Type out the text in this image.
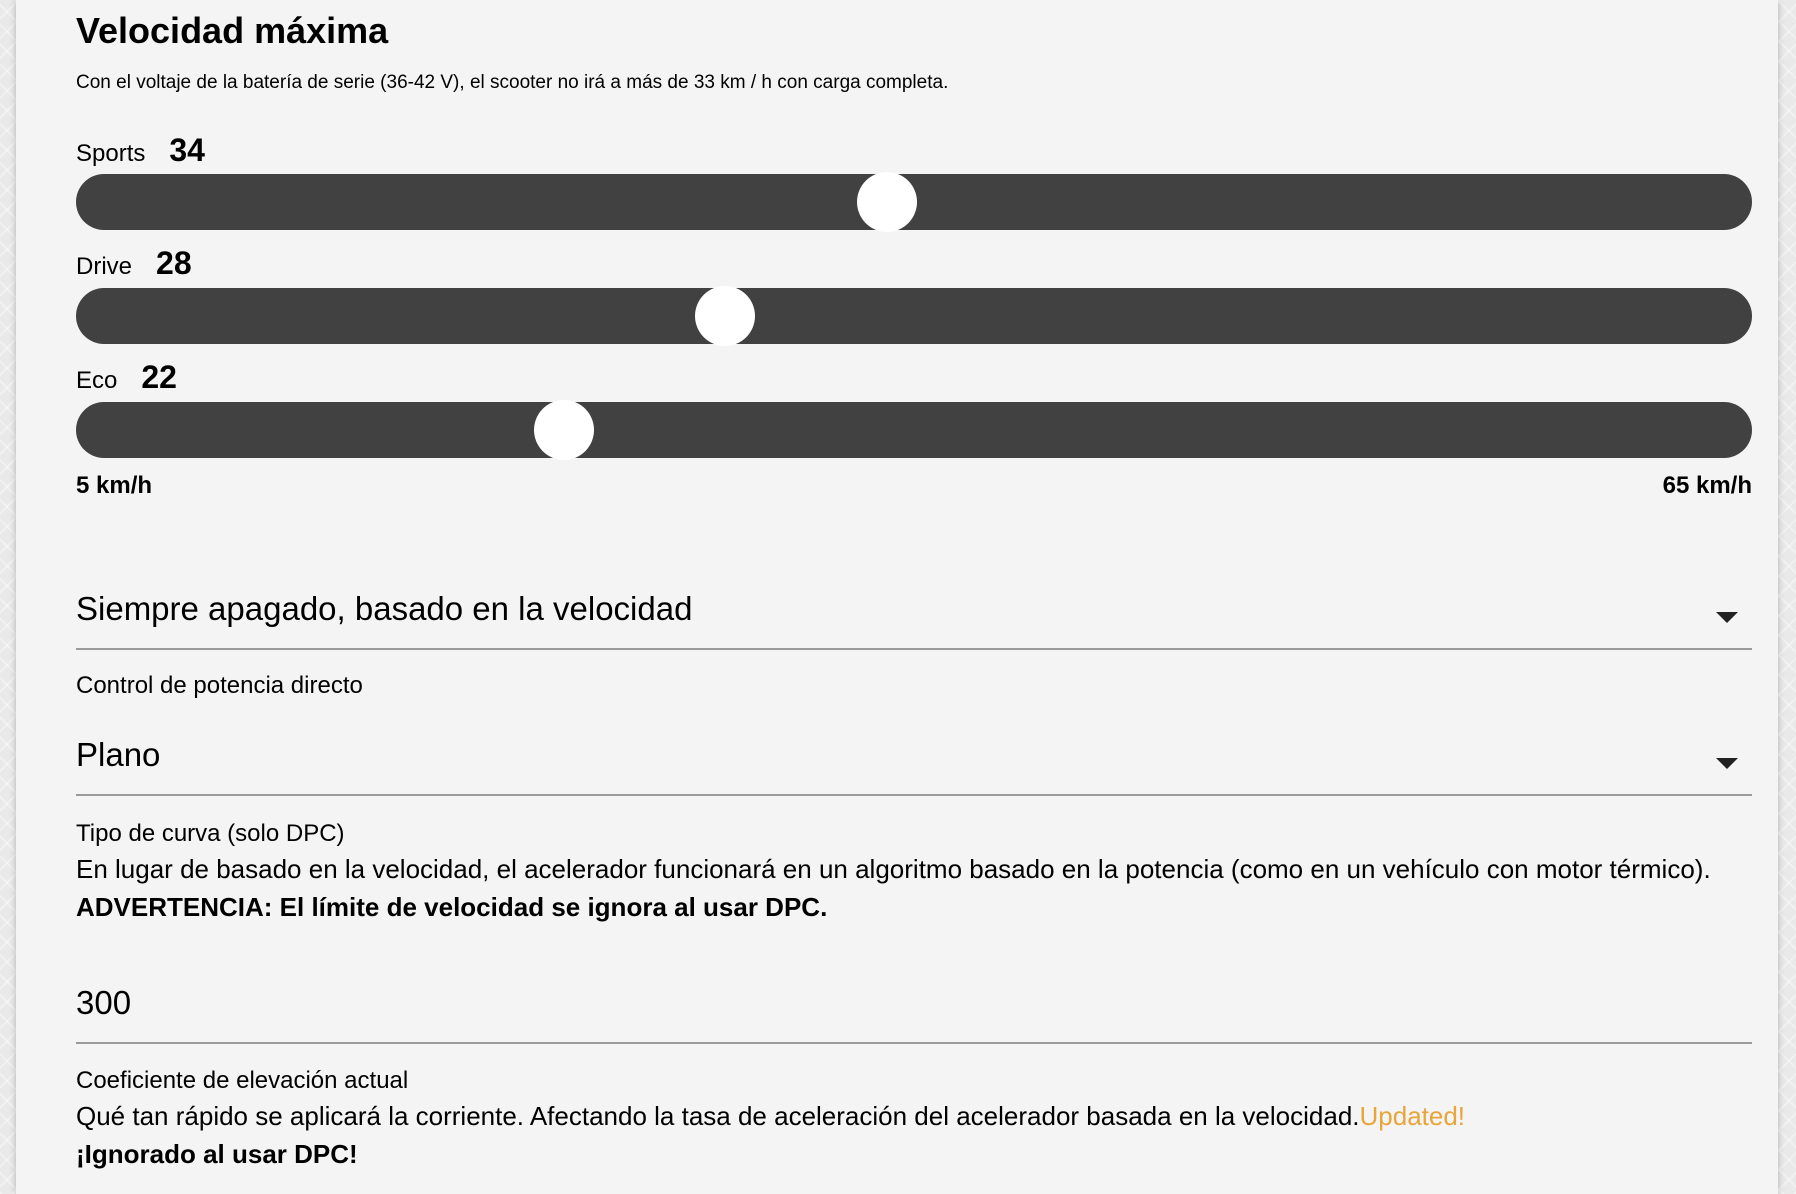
Velocidad máxima

Con el voltaje de la batería de serie (36-42 V), el scooter no irá a más de 33 km / h con carga completa.

Sports 34
Drive 28
Eco 22
5 km/h	65 km/h
Siempre apagado, basado en la velocidad
Control de potencia directo
Plano
Tipo de curva (solo DPC)
En lugar de basado en la velocidad, el acelerador funcionará en un algoritmo basado en la potencia (como en un vehículo con motor térmico).
ADVERTENCIA: El límite de velocidad se ignora al usar DPC.
300
Coeficiente de elevación actual
Qué tan rápido se aplicará la corriente. Afectando la tasa de aceleración del acelerador basada en la velocidad.Updated!
¡Ignorado al usar DPC!
